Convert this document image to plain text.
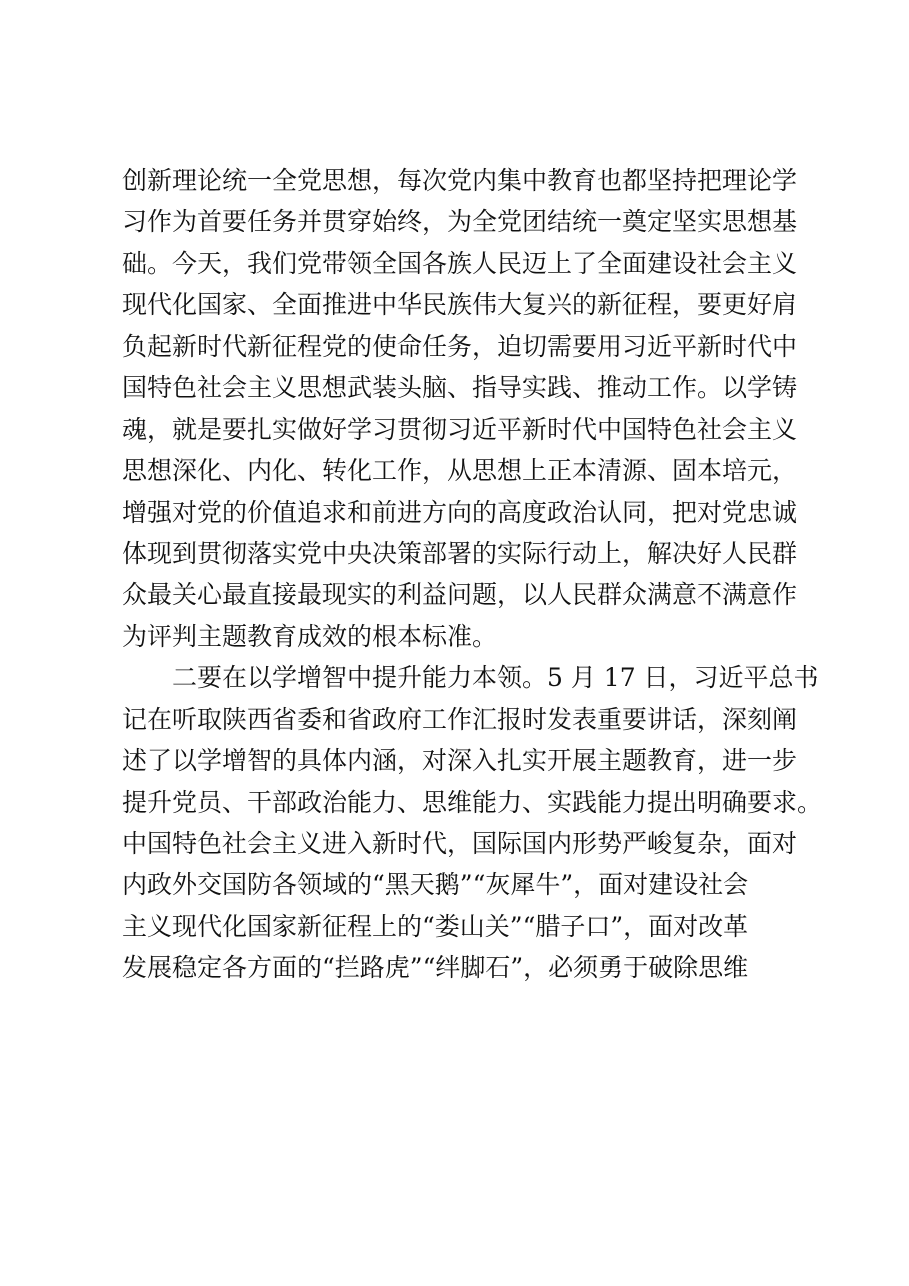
创新理论统一全党思想，每次党内集中教育也都坚持把理论学
习作为首要任务并贯穿始终，为全党团结统一奠定坚实思想基
础。今天，我们党带领全国各族人民迈上了全面建设社会主义
现代化国家、全面推进中华民族伟大复兴的新征程，要更好肩
负起新时代新征程党的使命任务，迫切需要用习近平新时代中
国特色社会主义思想武装头脑、指导实践、推动工作。以学铸
魂，就是要扎实做好学习贯彻习近平新时代中国特色社会主义
思想深化、内化、转化工作，从思想上正本清源、固本培元，
增强对党的价值追求和前进方向的高度政治认同，把对党忠诚
体现到贯彻落实党中央决策部署的实际行动上，解决好人民群
众最关心最直接最现实的利益问题，以人民群众满意不满意作
为评判主题教育成效的根本标准。
二要在以学增智中提升能力本领。5 月 17 日，习近平总书
记在听取陕西省委和省政府工作汇报时发表重要讲话，深刻阐
述了以学增智的具体内涵，对深入扎实开展主题教育，进一步
提升党员、干部政治能力、思维能力、实践能力提出明确要求。
中国特色社会主义进入新时代，国际国内形势严峻复杂，面对
内政外交国防各领域的“黑天鹅”“灰犀牛”，面对建设社会
主义现代化国家新征程上的“娄山关”“腊子口”，面对改革
发展稳定各方面的“拦路虎”“绊脚石”，必须勇于破除思维
